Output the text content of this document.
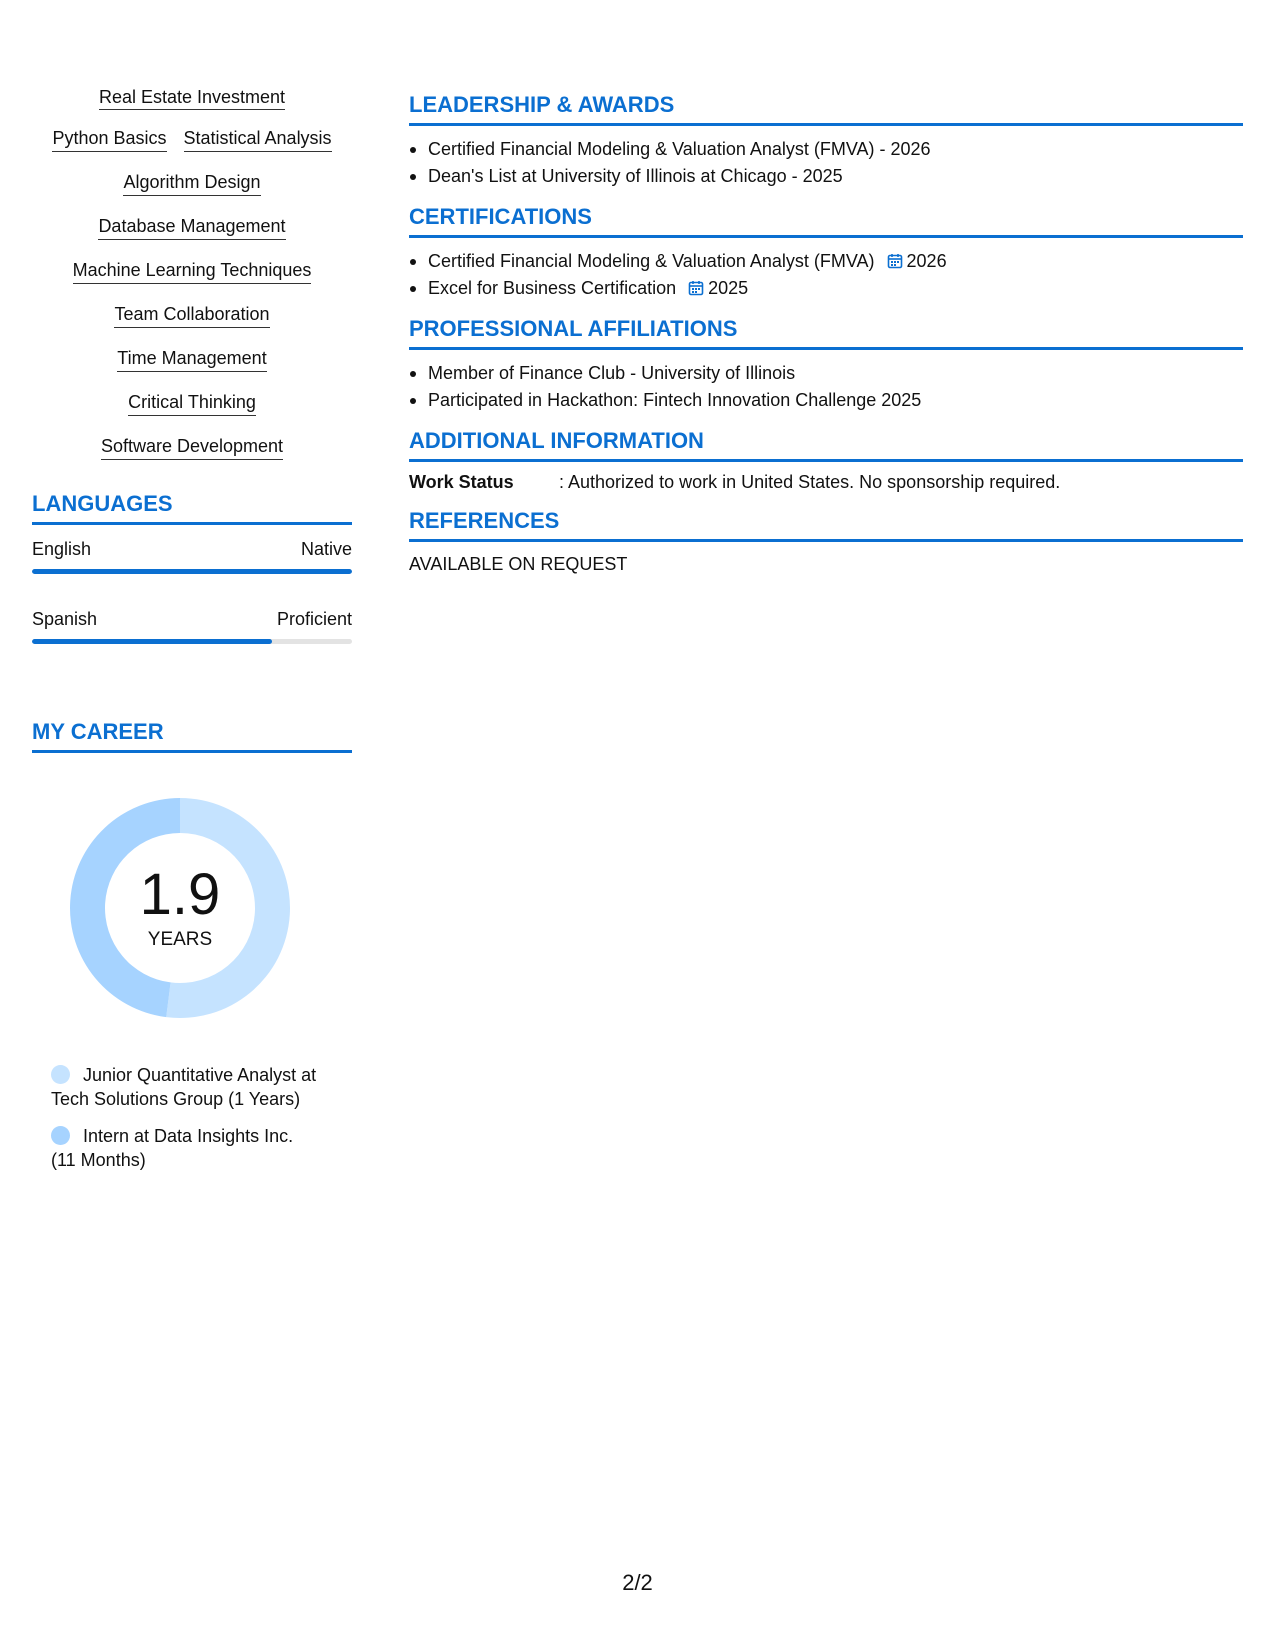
Real Estate Investment
Python Basics Statistical Analysis
Algorithm Design
Database Management
Machine Learning Techniques
Team Collaboration
Time Management
Critical Thinking
Software Development
LANGUAGES
English	Native
Spanish	Proficient
MY CAREER
1.9
YEARS
Junior Quantitative Analyst at Tech Solutions Group (1 Years)
Intern at Data Insights Inc. (11 Months)
LEADERSHIP & AWARDS
Certified Financial Modeling & Valuation Analyst (FMVA) - 2026
Dean's List at University of Illinois at Chicago - 2025
CERTIFICATIONS
Certified Financial Modeling & Valuation Analyst (FMVA) 2026
Excel for Business Certification 2025
PROFESSIONAL AFFILIATIONS
Member of Finance Club - University of Illinois
Participated in Hackathon: Fintech Innovation Challenge 2025
ADDITIONAL INFORMATION
Work Status	: Authorized to work in United States. No sponsorship required.
REFERENCES
AVAILABLE ON REQUEST
2/2
